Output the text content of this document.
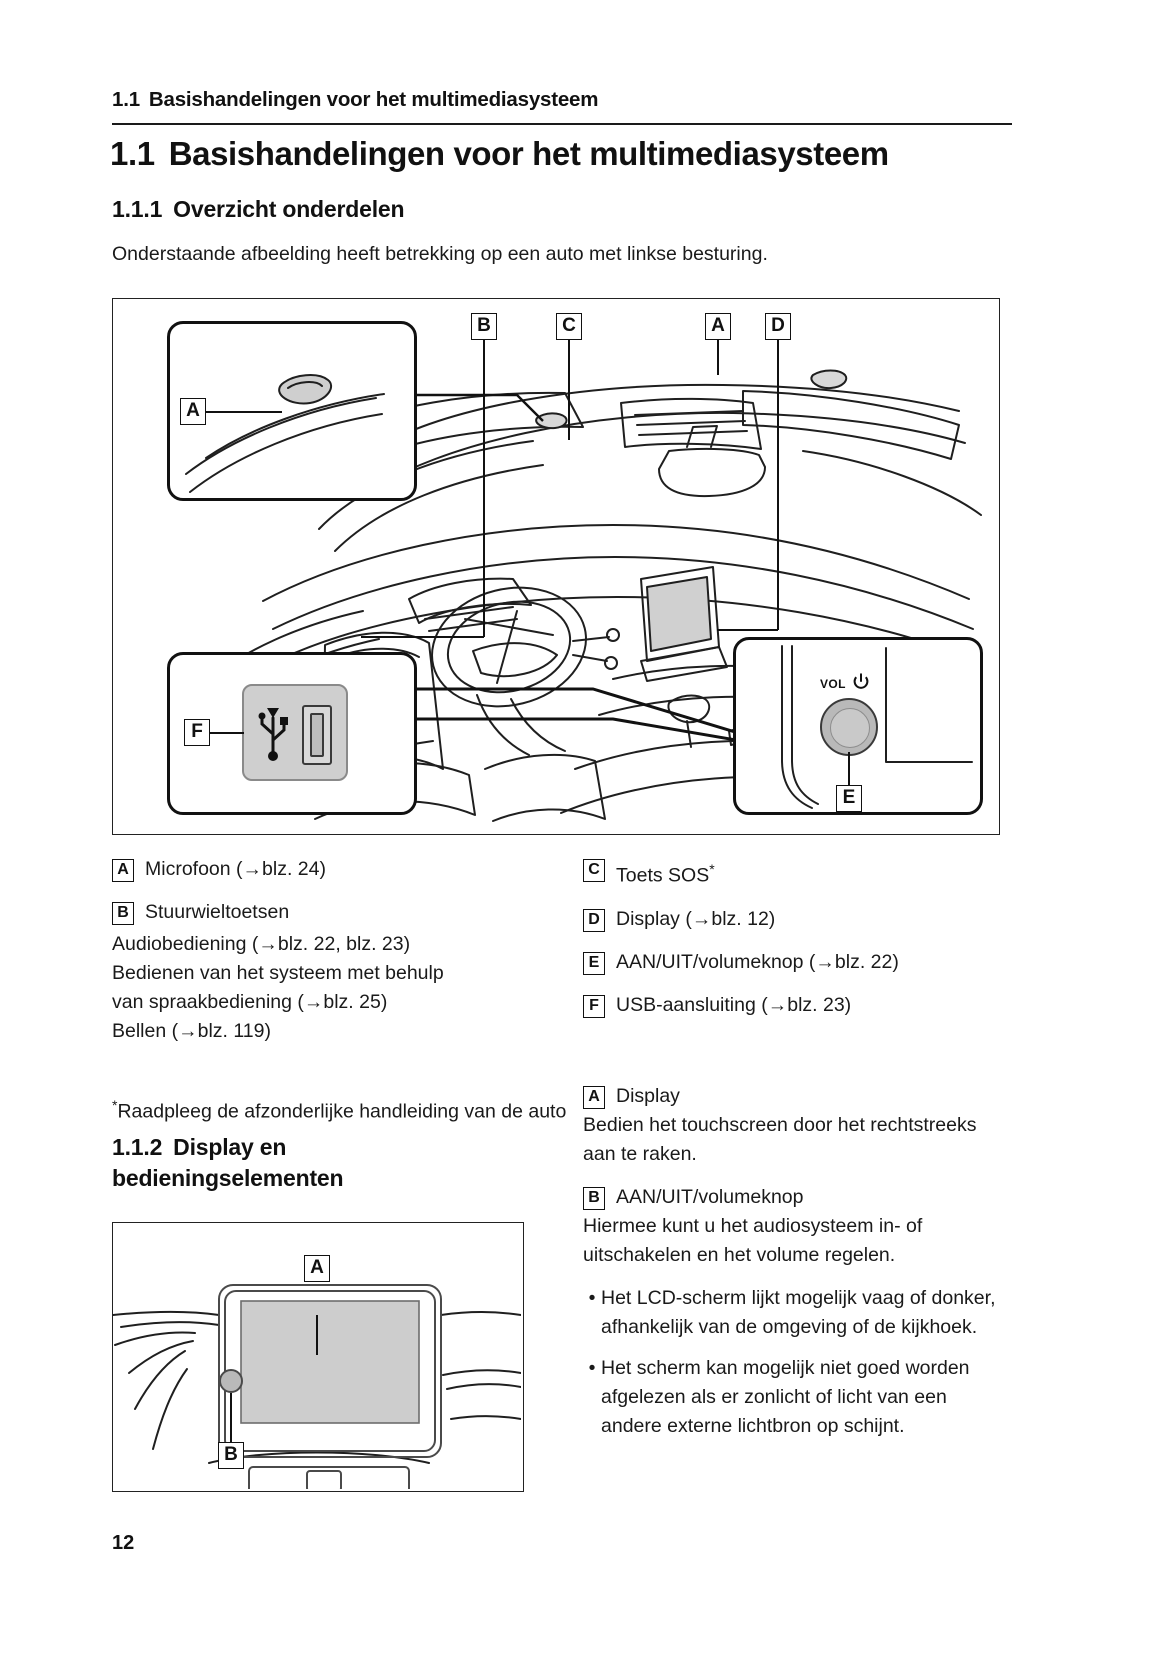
1.1 Basishandelingen voor het multimediasysteem
1.1 Basishandelingen voor het multimediasysteem
1.1.1 Overzicht onderdelen
Onderstaande afbeelding heeft betrekking op een auto met linkse besturing.
B	C	A	D
A
F
VOL
E
A Microfoon (→blz. 24)
B Stuurwieltoetsen
Audiobediening (→blz. 22, blz. 23)
Bedienen van het systeem met behulp
van spraakbediening (→blz. 25)
Bellen (→blz. 119)
C Toets SOS*
D Display (→blz. 12)
E AAN/UIT/volumeknop (→blz. 22)
F USB-aansluiting (→blz. 23)
*Raadpleeg de afzonderlijke handleiding van de auto
1.1.2 Display en
bedieningselementen
A
B
A Display

Bedien het touchscreen door het rechtstreeks aan te raken.

B AAN/UIT/volumeknop

Hiermee kunt u het audiosysteem in- of uitschakelen en het volume regelen.

• Het LCD-scherm lijkt mogelijk vaag of donker, afhankelijk van de omgeving of de kijkhoek.
• Het scherm kan mogelijk niet goed worden afgelezen als er zonlicht of licht van een andere externe lichtbron op schijnt.
12
